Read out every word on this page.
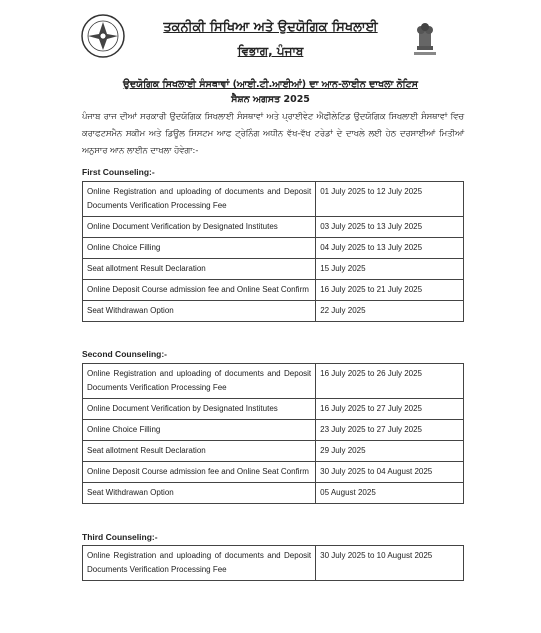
ਤਕਨੀਕੀ ਸਿਖਿਆ ਅਤੇ ਉਦਯੋਗਿਕ ਸਿਖਲਾਈ
ਵਿਭਾਗ, ਪੰਜਾਬ
ਉਦਯੋਗਿਕ ਸਿਖਲਾਈ ਸੰਸਥਾਵਾਂ (ਆਈ.ਟੀ.ਆਈਆਂ) ਦਾ ਆਨ-ਲਾਈਨ ਦਾਖਲਾ ਨੋਟਿਸ
ਸੈਸ਼ਨ ਅਗਸਤ 2025
ਪੰਜਾਬ ਰਾਜ ਦੀਆਂ ਸਰਕਾਰੀ ਉਦਯੋਗਿਕ ਸਿਖਲਾਈ ਸੰਸਥਾਵਾਂ ਅਤੇ ਪ੍ਰਾਈਵੇਟ ਐਫੀਲੇਟਿਡ ਉਦਯੋਗਿਕ ਸਿਖਲਾਈ ਸੰਸਥਾਵਾਂ ਵਿਚ ਕਰਾਫਟਸਮੈਨ ਸਕੀਮ ਅਤੇ ਡਿਊਲ ਸਿਸਟਮ ਆਫ ਟ੍ਰੇਨਿੰਗ ਅਧੀਨ ਵੱਖ-ਵੱਖ ਟਰੇਡਾਂ ਦੇ ਦਾਖਲੇ ਲਈ ਹੇਠ ਦਰਸਾਈਆਂ ਮਿਤੀਆਂ ਅਨੁਸਾਰ ਆਨ ਲਾਈਨ ਦਾਖਲਾ ਹੋਵੇਗਾ:-
First Counseling:-
Online Registration and uploading of documents and Deposit Documents Verification Processing Fee	01 July 2025 to 12 July 2025
Online Document Verification by Designated Institutes	03 July 2025 to 13 July 2025
Online Choice Filling	04 July 2025 to 13 July 2025
Seat allotment Result Declaration	15 July 2025
Online Deposit Course admission fee and Online Seat Confirm	16 July 2025 to 21 July 2025
Seat Withdrawan Option	22 July 2025
Second Counseling:-
Online Registration and uploading of documents and Deposit Documents Verification Processing Fee	16 July 2025 to 26 July 2025
Online Document Verification by Designated Institutes	16 July 2025 to 27 July 2025
Online Choice Filling	23 July 2025 to 27 July 2025
Seat allotment Result Declaration	29 July 2025
Online Deposit Course admission fee and Online Seat Confirm	30 July 2025 to 04 August 2025
Seat Withdrawan Option	05 August 2025
Third Counseling:-
Online Registration and uploading of documents and Deposit Documents Verification Processing Fee	30 July 2025 to 10 August 2025
